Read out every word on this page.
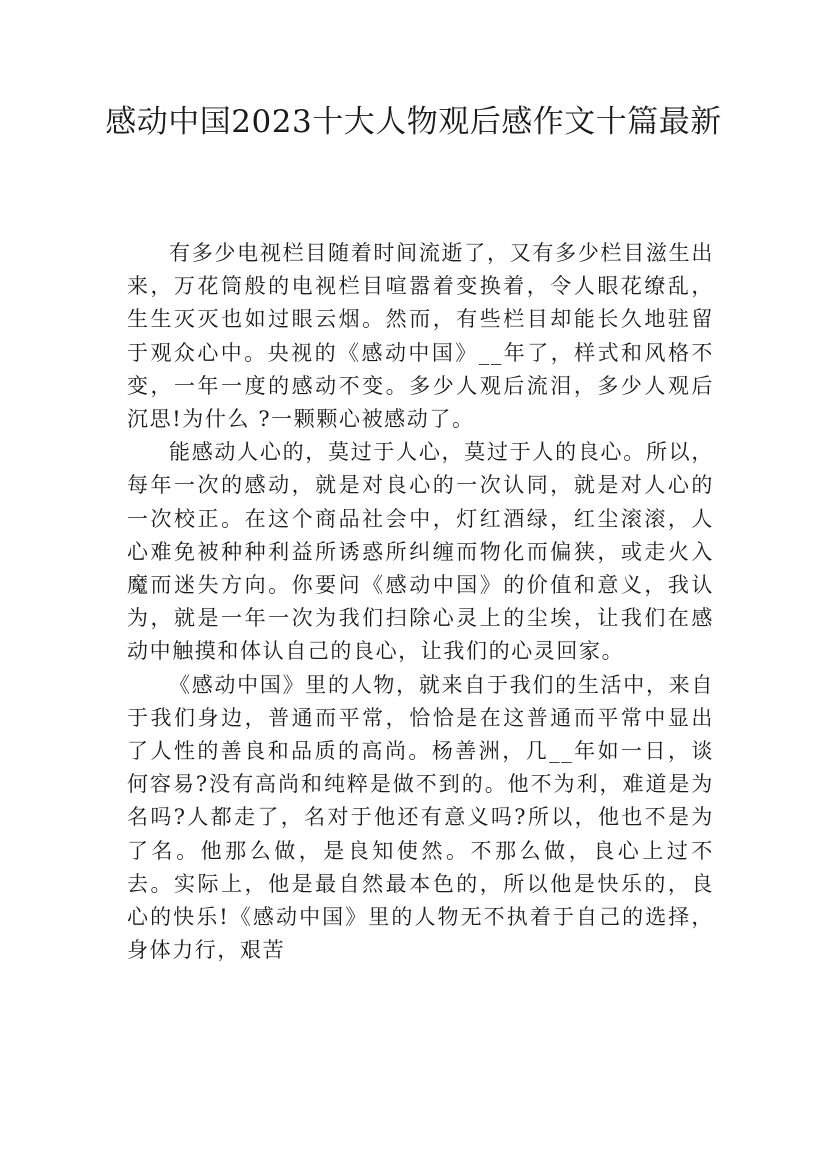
感动中国2023十大人物观后感作文十篇最新

有多少电视栏目随着时间流逝了，又有多少栏目滋生出来，万花筒般的电视栏目喧嚣着变换着，令人眼花缭乱，生生灭灭也如过眼云烟。然而，有些栏目却能长久地驻留于观众心中。央视的《感动中国》__年了，样式和风格不变，一年一度的感动不变。多少人观后流泪，多少人观后沉思!为什么 ?一颗颗心被感动了。

能感动人心的，莫过于人心，莫过于人的良心。所以，每年一次的感动，就是对良心的一次认同，就是对人心的一次校正。在这个商品社会中，灯红酒绿，红尘滚滚，人心难免被种种利益所诱惑所纠缠而物化而偏狭，或走火入魔而迷失方向。你要问《感动中国》的价值和意义，我认为，就是一年一次为我们扫除心灵上的尘埃，让我们在感动中触摸和体认自己的良心，让我们的心灵回家。

《感动中国》里的人物，就来自于我们的生活中，来自于我们身边，普通而平常，恰恰是在这普通而平常中显出了人性的善良和品质的高尚。杨善洲，几__年如一日，谈何容易?没有高尚和纯粹是做不到的。他不为利，难道是为名吗?人都走了，名对于他还有意义吗?所以，他也不是为了名。他那么做，是良知使然。不那么做，良心上过不去。实际上，他是最自然最本色的，所以他是快乐的，良心的快乐!《感动中国》里的人物无不执着于自己的选择，身体力行，艰苦
